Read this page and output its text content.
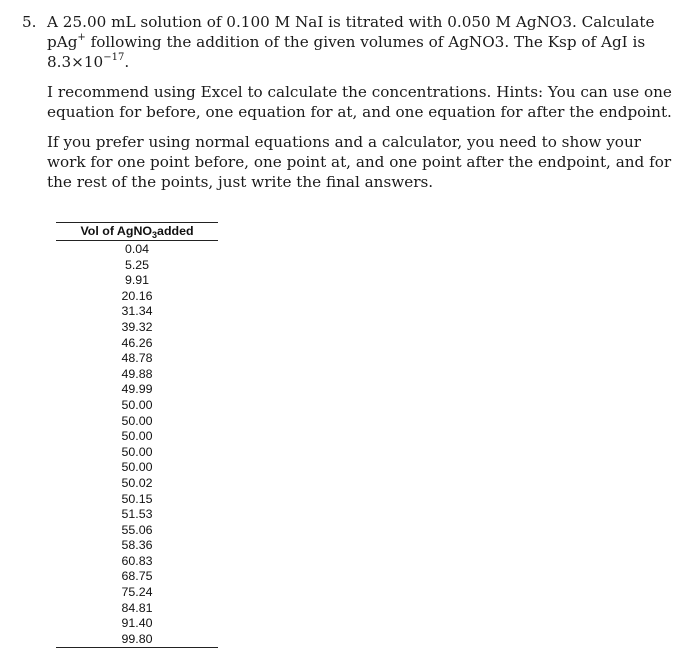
5. A 25.00 mL solution of 0.100 M NaI is titrated with 0.050 M AgNO3. Calculate pAg+ following the addition of the given volumes of AgNO3. The Ksp of AgI is $8.3\times 10^{-17}$.

I recommend using Excel to calculate the concentrations. Hints: You can use one equation for before, one equation for at, and one equation for after the endpoint.

If you prefer using normal equations and a calculator, you need to show your work for one point before, one point at, and one point after the endpoint, and for the rest of the points, just write the final answers.

Vol of AgNO$_3$added
0.04
5.25
9.91
20.16
31.34
39.32
46.26
48.78
49.88
49.99
50.00
50.00
50.00
50.00
50.00
50.02
50.15
51.53
55.06
58.36
60.83
68.75
75.24
84.81
91.40
99.80
